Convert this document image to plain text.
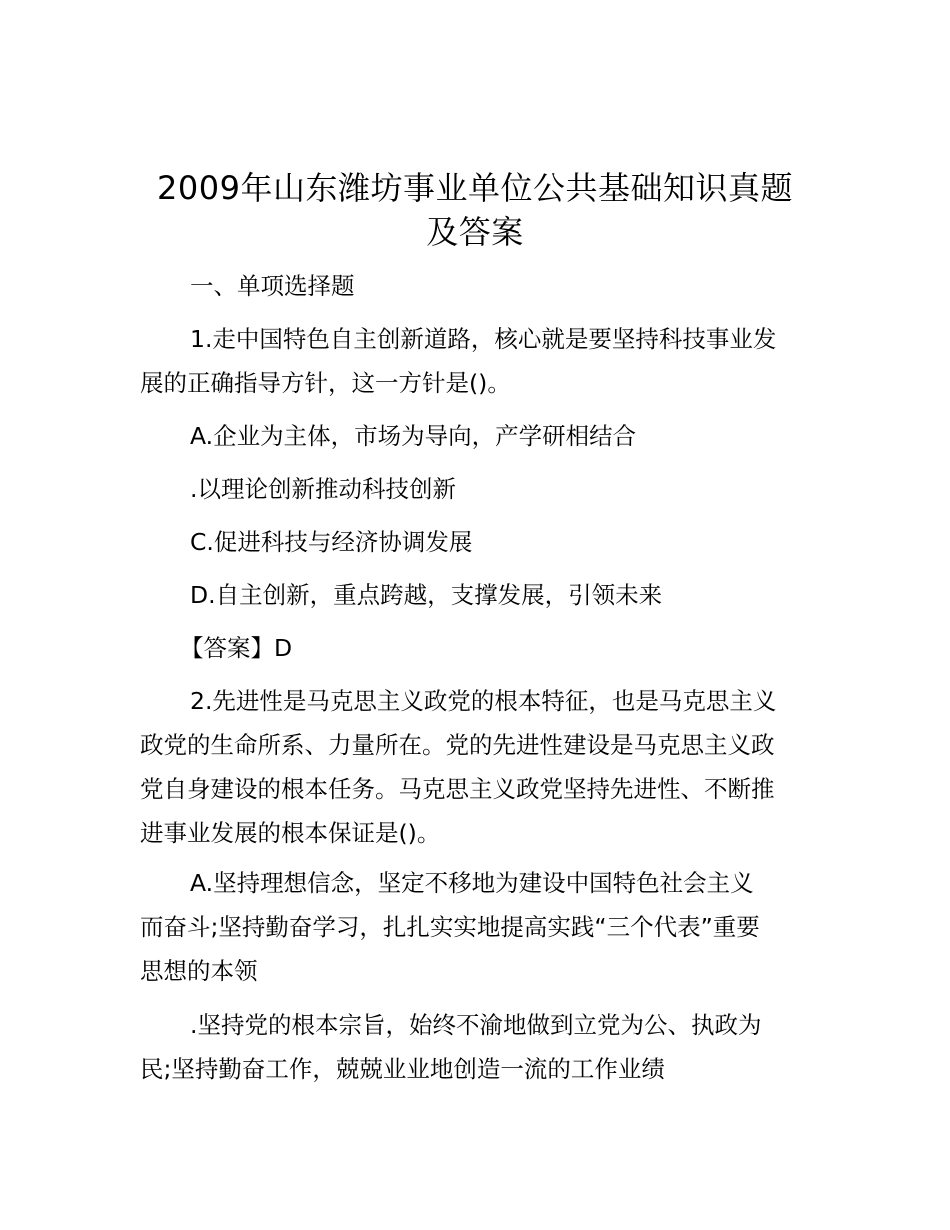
2009年山东潍坊事业单位公共基础知识真题
及答案

一、单项选择题

1.走中国特色自主创新道路，核心就是要坚持科技事业发

展的正确指导方针，这一方针是()。

A.企业为主体，市场为导向，产学研相结合

.以理论创新推动科技创新

C.促进科技与经济协调发展

D.自主创新，重点跨越，支撑发展，引领未来

【答案】D

2.先进性是马克思主义政党的根本特征，也是马克思主义

政党的生命所系、力量所在。党的先进性建设是马克思主义政

党自身建设的根本任务。马克思主义政党坚持先进性、不断推

进事业发展的根本保证是()。

A.坚持理想信念，坚定不移地为建设中国特色社会主义

而奋斗;坚持勤奋学习，扎扎实实地提高实践“三个代表”重要

思想的本领

.坚持党的根本宗旨，始终不渝地做到立党为公、执政为

民;坚持勤奋工作，兢兢业业地创造一流的工作业绩
